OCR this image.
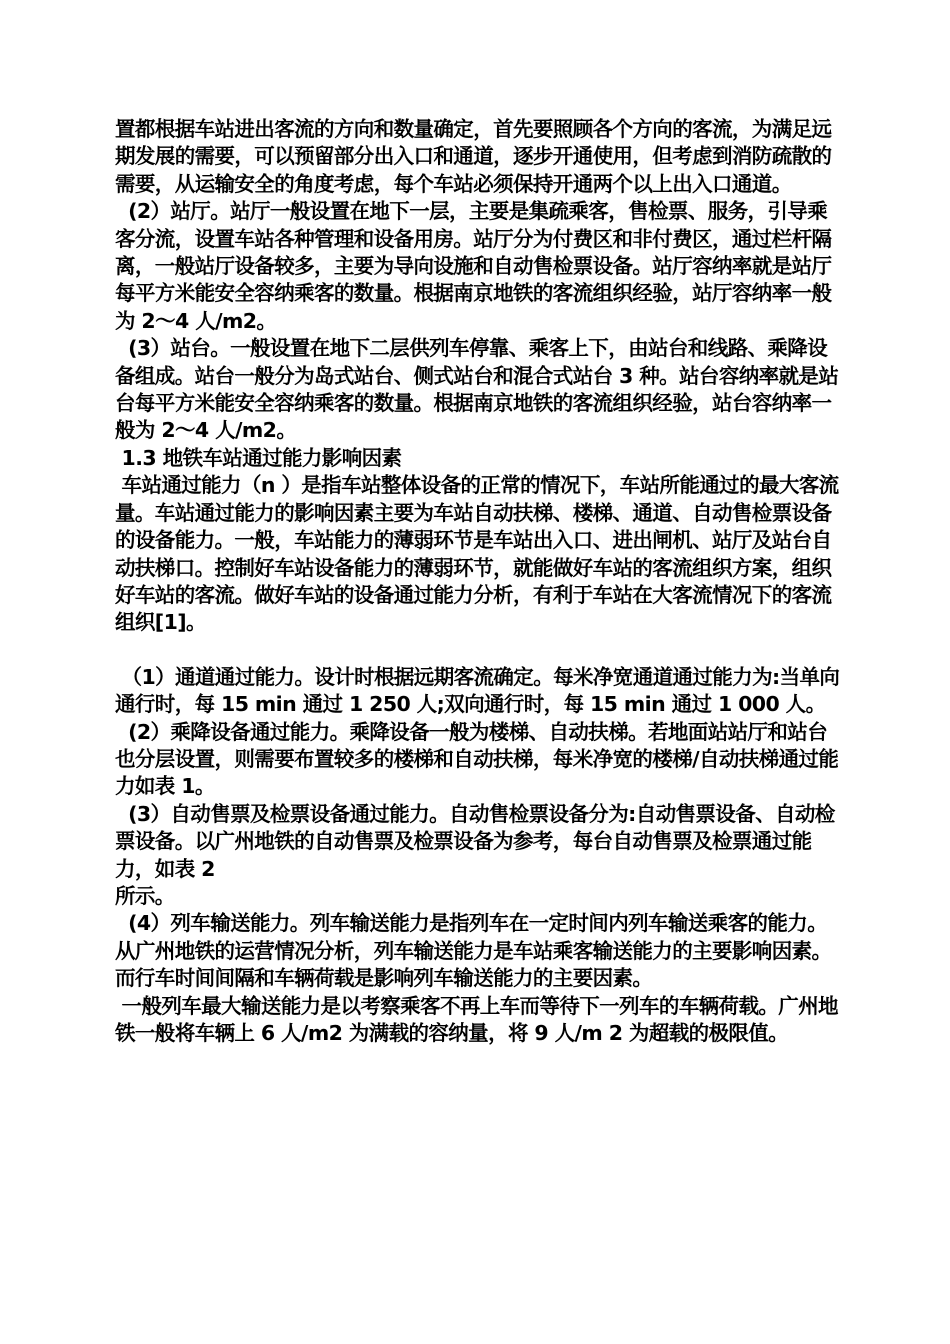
置都根据车站进出客流的方向和数量确定，首先要照顾各个方向的客流，为满足远期发展的需要，可以预留部分出入口和通道，逐步开通使用，但考虑到消防疏散的需要，从运输安全的角度考虑，每个车站必须保持开通两个以上出入口通道。

(2）站厅。站厅一般设置在地下一层，主要是集疏乘客，售检票、服务，引导乘客分流，设置车站各种管理和设备用房。站厅分为付费区和非付费区，通过栏杆隔离，一般站厅设备较多，主要为导向设施和自动售检票设备。站厅容纳率就是站厅每平方米能安全容纳乘客的数量。根据南京地铁的客流组织经验，站厅容纳率一般为 2～4 人/m2。

(3）站台。一般设置在地下二层供列车停靠、乘客上下，由站台和线路、乘降设备组成。站台一般分为岛式站台、侧式站台和混合式站台 3 种。站台容纳率就是站台每平方米能安全容纳乘客的数量。根据南京地铁的客流组织经验，站台容纳率一般为 2～4 人/m2。

1.3 地铁车站通过能力影响因素

车站通过能力（n ）是指车站整体设备的正常的情况下，车站所能通过的最大客流量。车站通过能力的影响因素主要为车站自动扶梯、楼梯、通道、自动售检票设备的设备能力。一般，车站能力的薄弱环节是车站出入口、进出闸机、站厅及站台自动扶梯口。控制好车站设备能力的薄弱环节，就能做好车站的客流组织方案，组织好车站的客流。做好车站的设备通过能力分析，有利于车站在大客流情况下的客流组织[1]。

（1）通道通过能力。设计时根据远期客流确定。每米净宽通道通过能力为:当单向通行时，每 15 min 通过 1 250 人;双向通行时，每 15 min 通过 1 000 人。

(2）乘降设备通过能力。乘降设备一般为楼梯、自动扶梯。若地面站站厅和站台也分层设置，则需要布置较多的楼梯和自动扶梯，每米净宽的楼梯/自动扶梯通过能力如表 1。

(3）自动售票及检票设备通过能力。自动售检票设备分为:自动售票设备、自动检票设备。以广州地铁的自动售票及检票设备为参考，每台自动售票及检票通过能力，如表 2

所示。

(4）列车输送能力。列车输送能力是指列车在一定时间内列车输送乘客的能力。从广州地铁的运营情况分析，列车输送能力是车站乘客输送能力的主要影响因素。而行车时间间隔和车辆荷载是影响列车输送能力的主要因素。

一般列车最大输送能力是以考察乘客不再上车而等待下一列车的车辆荷载。广州地铁一般将车辆上 6 人/m2 为满载的容纳量，将 9 人/m 2 为超载的极限值。
